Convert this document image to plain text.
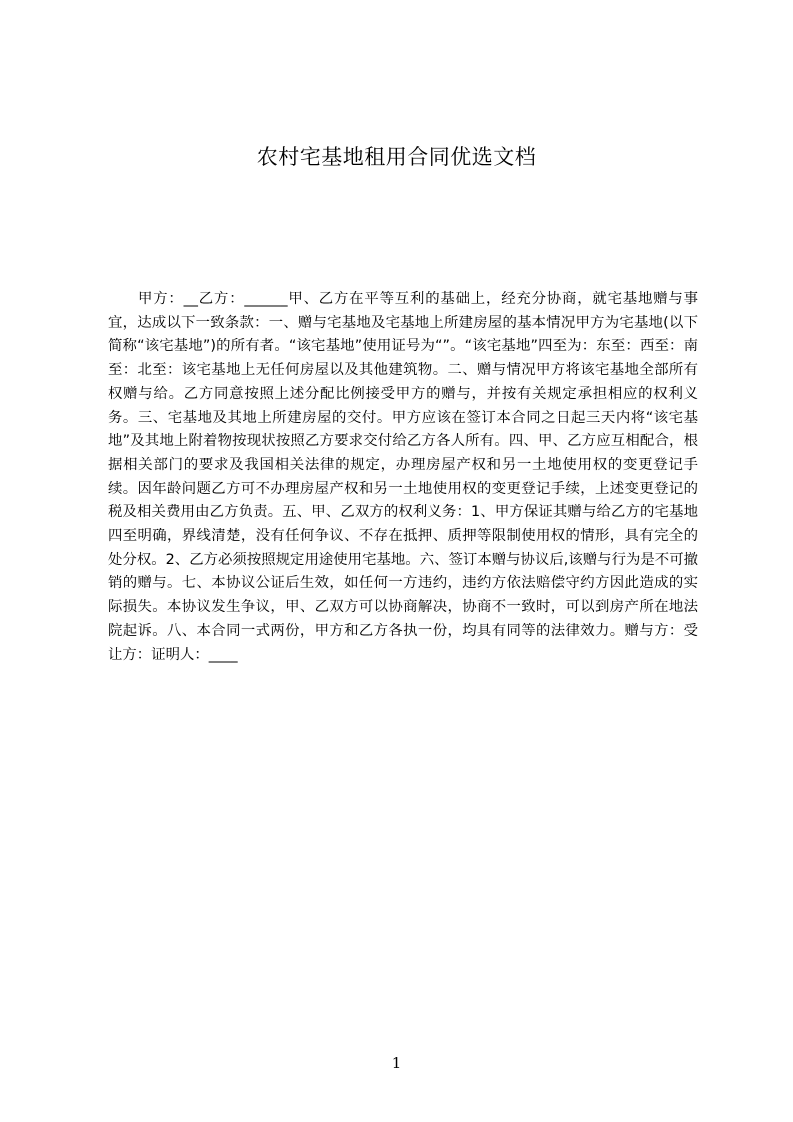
农村宅基地租用合同优选文档

甲方：__乙方：______甲、乙方在平等互利的基础上，经充分协商，就宅基地赠与事宜，达成以下一致条款：一、赠与宅基地及宅基地上所建房屋的基本情况甲方为宅基地(以下简称“该宅基地”)的所有者。“该宅基地”使用证号为“”。“该宅基地”四至为：东至：西至：南至：北至：该宅基地上无任何房屋以及其他建筑物。二、赠与情况甲方将该宅基地全部所有权赠与给。乙方同意按照上述分配比例接受甲方的赠与，并按有关规定承担相应的权利义务。三、宅基地及其地上所建房屋的交付。甲方应该在签订本合同之日起三天内将“该宅基地”及其地上附着物按现状按照乙方要求交付给乙方各人所有。四、甲、乙方应互相配合，根据相关部门的要求及我国相关法律的规定，办理房屋产权和另一土地使用权的变更登记手续。因年龄问题乙方可不办理房屋产权和另一土地使用权的变更登记手续，上述变更登记的税及相关费用由乙方负责。五、甲、乙双方的权利义务：1、甲方保证其赠与给乙方的宅基地四至明确，界线清楚，没有任何争议、不存在抵押、质押等限制使用权的情形，具有完全的处分权。2、乙方必须按照规定用途使用宅基地。六、签订本赠与协议后,该赠与行为是不可撤销的赠与。七、本协议公证后生效，如任何一方违约，违约方依法赔偿守约方因此造成的实际损失。本协议发生争议，甲、乙双方可以协商解决，协商不一致时，可以到房产所在地法院起诉。八、本合同一式两份，甲方和乙方各执一份，均具有同等的法律效力。赠与方：受让方：证明人：____

1
